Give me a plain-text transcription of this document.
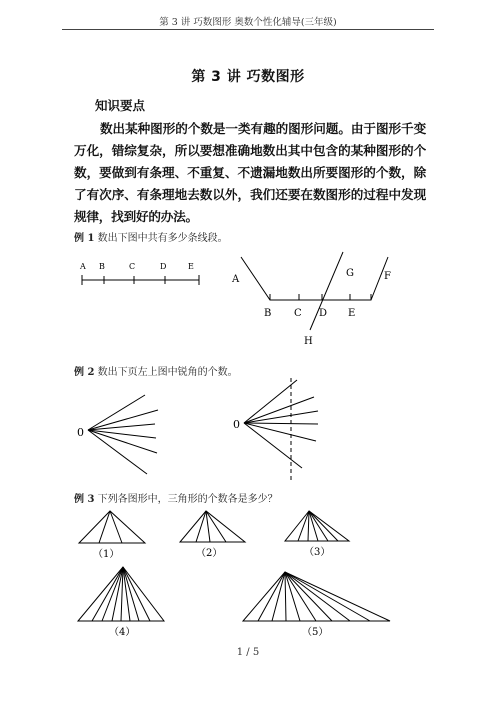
第 3 讲 巧数图形 奥数个性化辅导(三年级)
第 3 讲 巧数图形
知识要点
数出某种图形的个数是一类有趣的图形问题。由于图形千变万化，错综复杂，所以要想准确地数出其中包含的某种图形的个数，要做到有条理、不重复、不遗漏地数出所要图形的个数，除了有次序、有条理地去数以外，我们还要在数图形的过程中发现规律，找到好的办法。
例 1 数出下图中共有多少条线段。
A B	C	D	E
A
B C D E
F
G
H
例 2 数出下页左上图中锐角的个数。
0
0
例 3 下列各图形中，三角形的个数各是多少？
（1）	（2）	（3）
（4）	（5）
1 / 5
